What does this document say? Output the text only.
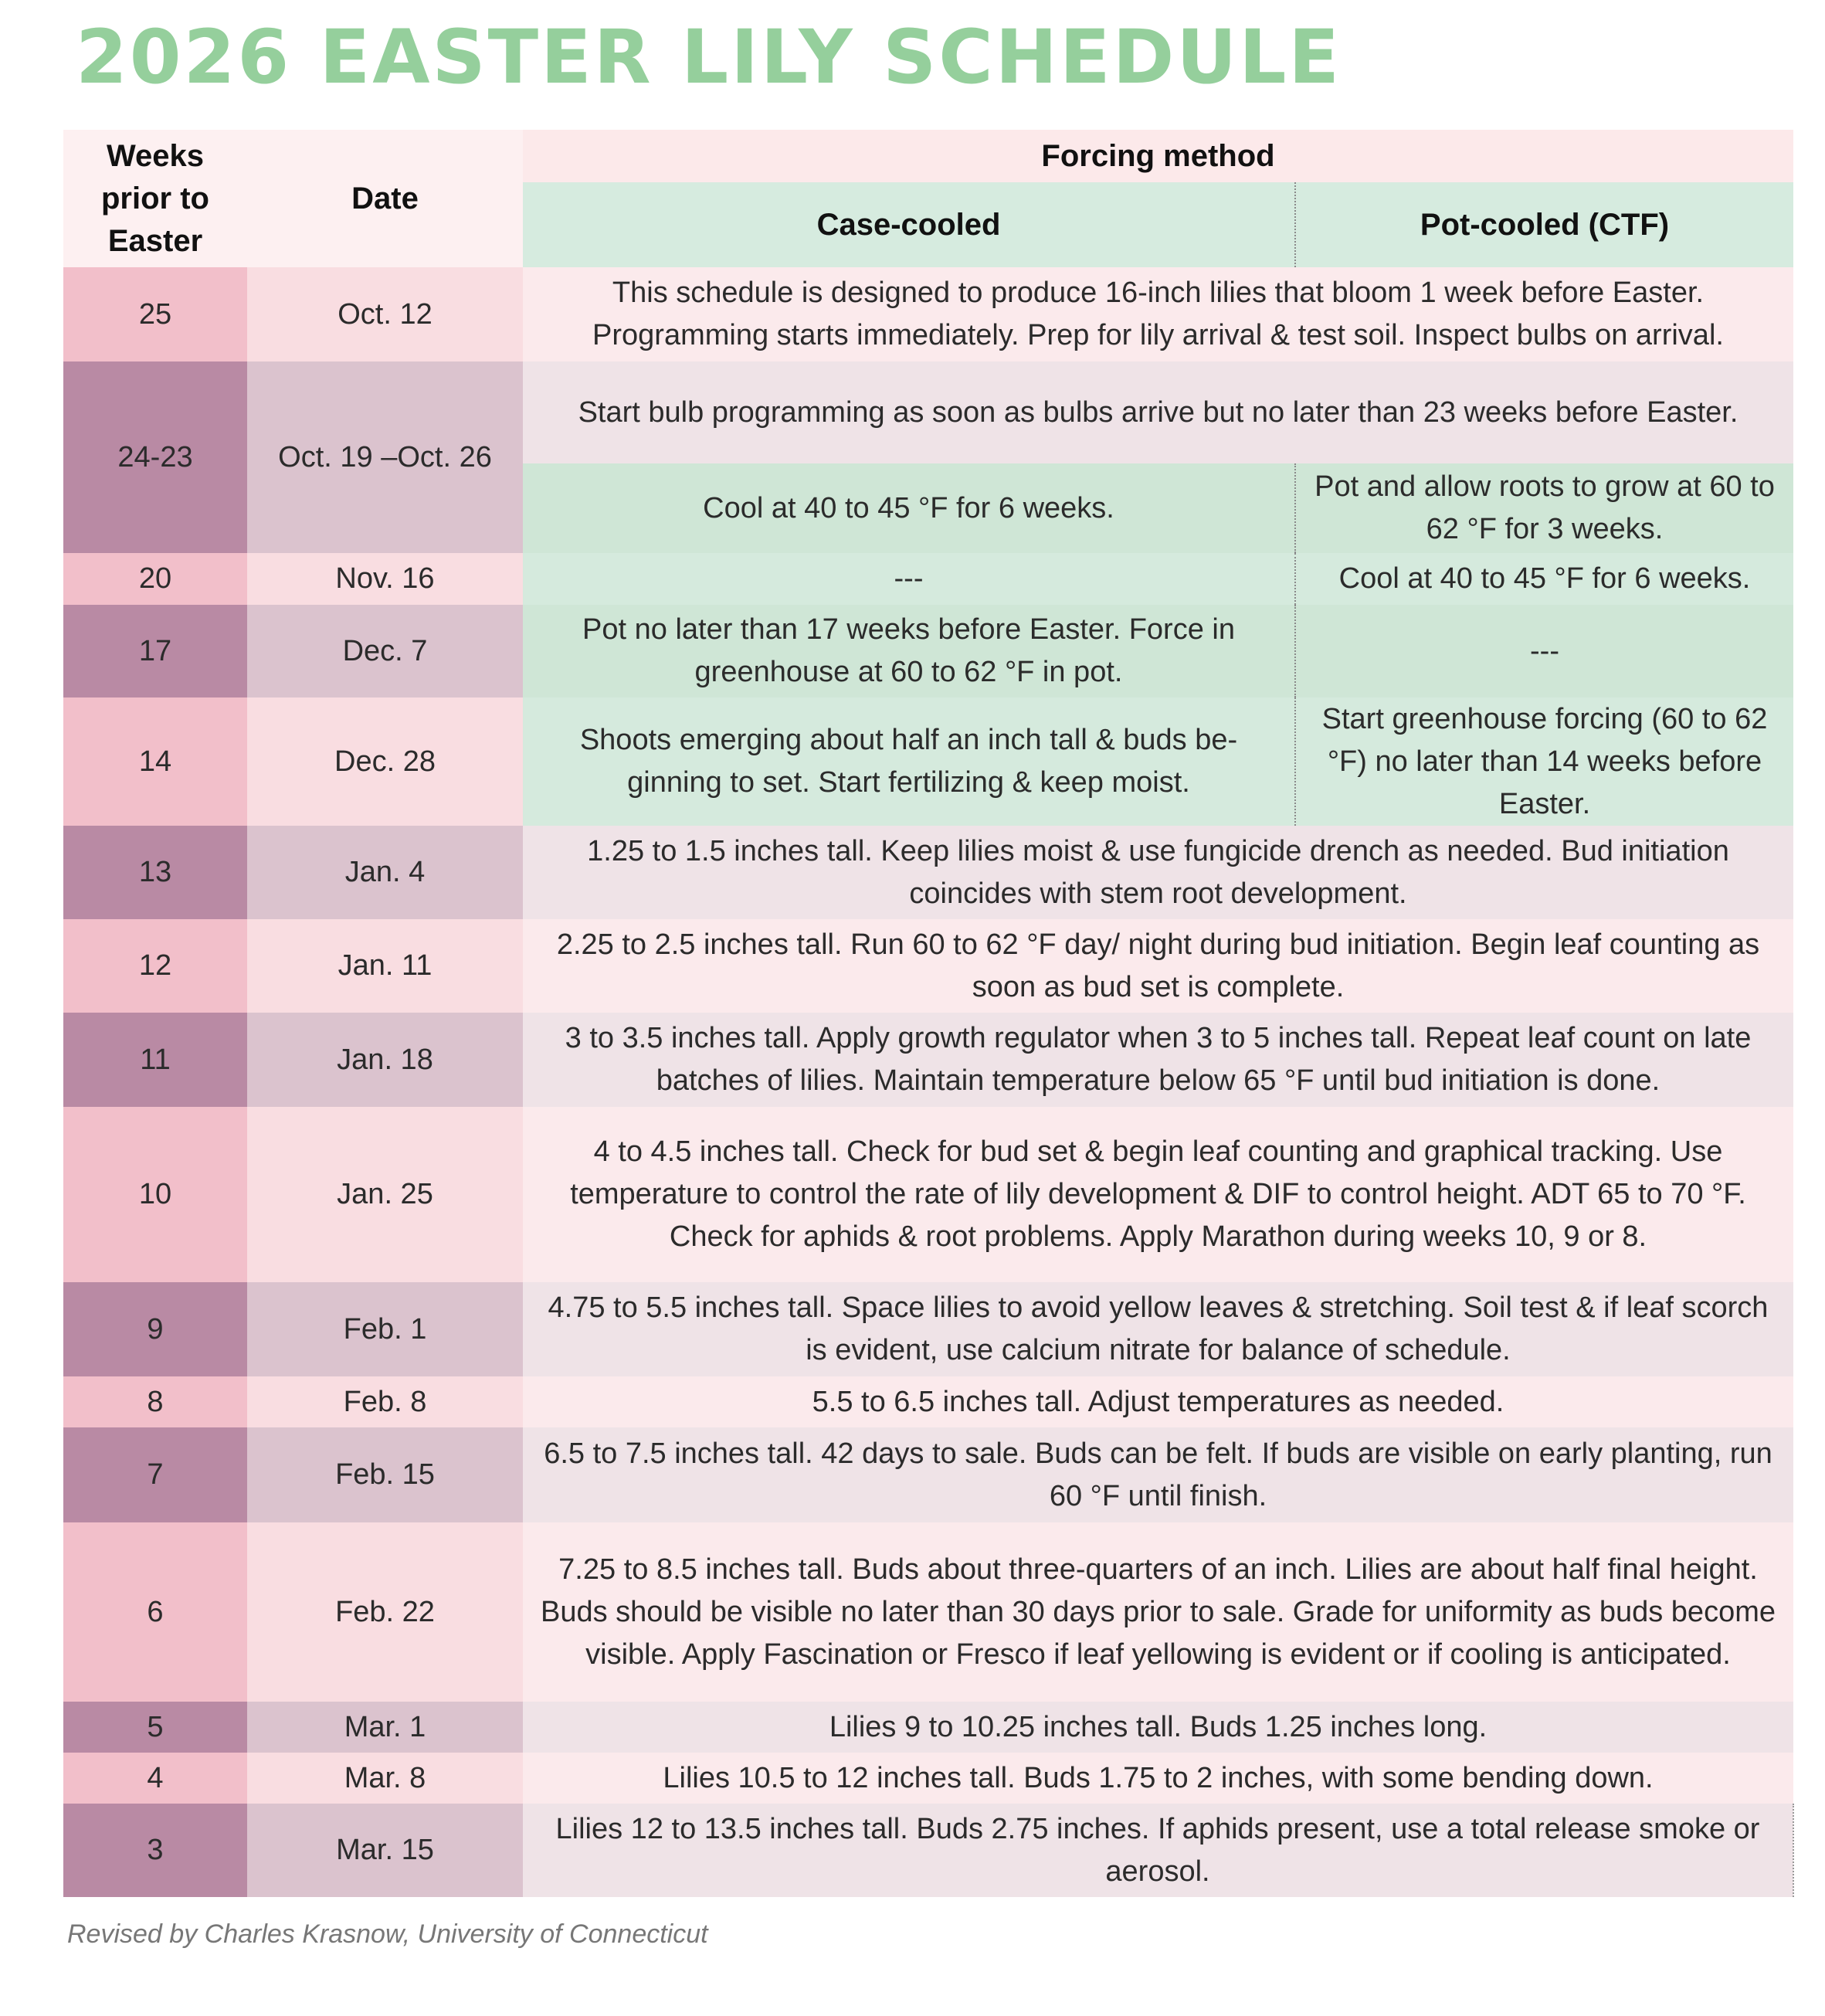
2026 EASTER LILY SCHEDULE
Weeks prior to Easter	Date	Forcing method	
		Case-cooled	Pot-cooled (CTF)
25	Oct. 12	This schedule is designed to produce 16-inch lilies that bloom 1 week before Easter. Programming starts immediately. Prep for lily arrival & test soil. Inspect bulbs on arrival.	
24-23	Oct. 19 –Oct. 26	Start bulb programming as soon as bulbs arrive but no later than 23 weeks before Easter.	
		Cool at 40 to 45 °F for 6 weeks.	Pot and allow roots to grow at 60 to 62 °F for 3 weeks.
20	Nov. 16	---	Cool at 40 to 45 °F for 6 weeks.
17	Dec. 7	Pot no later than 17 weeks before Easter. Force in greenhouse at 60 to 62 °F in pot.	---
14	Dec. 28	Shoots emerging about half an inch tall & buds be-ginning to set. Start fertilizing & keep moist.	Start greenhouse forcing (60 to 62 °F) no later than 14 weeks before Easter.
13	Jan. 4	1.25 to 1.5 inches tall. Keep lilies moist & use fungicide drench as needed. Bud initiation coincides with stem root development.	
12	Jan. 11	2.25 to 2.5 inches tall. Run 60 to 62 °F day/ night during bud initiation. Begin leaf counting as soon as bud set is complete.	
11	Jan. 18	3 to 3.5 inches tall. Apply growth regulator when 3 to 5 inches tall. Repeat leaf count on late batches of lilies. Maintain temperature below 65 °F until bud initiation is done.	
10	Jan. 25	4 to 4.5 inches tall. Check for bud set & begin leaf counting and graphical tracking. Use temperature to control the rate of lily development & DIF to control height. ADT 65 to 70 °F. Check for aphids & root problems. Apply Marathon during weeks 10, 9 or 8.	
9	Feb. 1	4.75 to 5.5 inches tall. Space lilies to avoid yellow leaves & stretching. Soil test & if leaf scorch is evident, use calcium nitrate for balance of schedule.	
8	Feb. 8	5.5 to 6.5 inches tall. Adjust temperatures as needed.	
7	Feb. 15	6.5 to 7.5 inches tall. 42 days to sale. Buds can be felt. If buds are visible on early planting, run 60 °F until finish.	
6	Feb. 22	7.25 to 8.5 inches tall. Buds about three-quarters of an inch. Lilies are about half final height. Buds should be visible no later than 30 days prior to sale. Grade for uniformity as buds become visible. Apply Fascination or Fresco if leaf yellowing is evident or if cooling is anticipated.	
5	Mar. 1	Lilies 9 to 10.25 inches tall. Buds 1.25 inches long.	
4	Mar. 8	Lilies 10.5 to 12 inches tall. Buds 1.75 to 2 inches, with some bending down.	
3	Mar. 15	Lilies 12 to 13.5 inches tall. Buds 2.75 inches. If aphids present, use a total release smoke or aerosol.	
Revised by Charles Krasnow, University of Connecticut
